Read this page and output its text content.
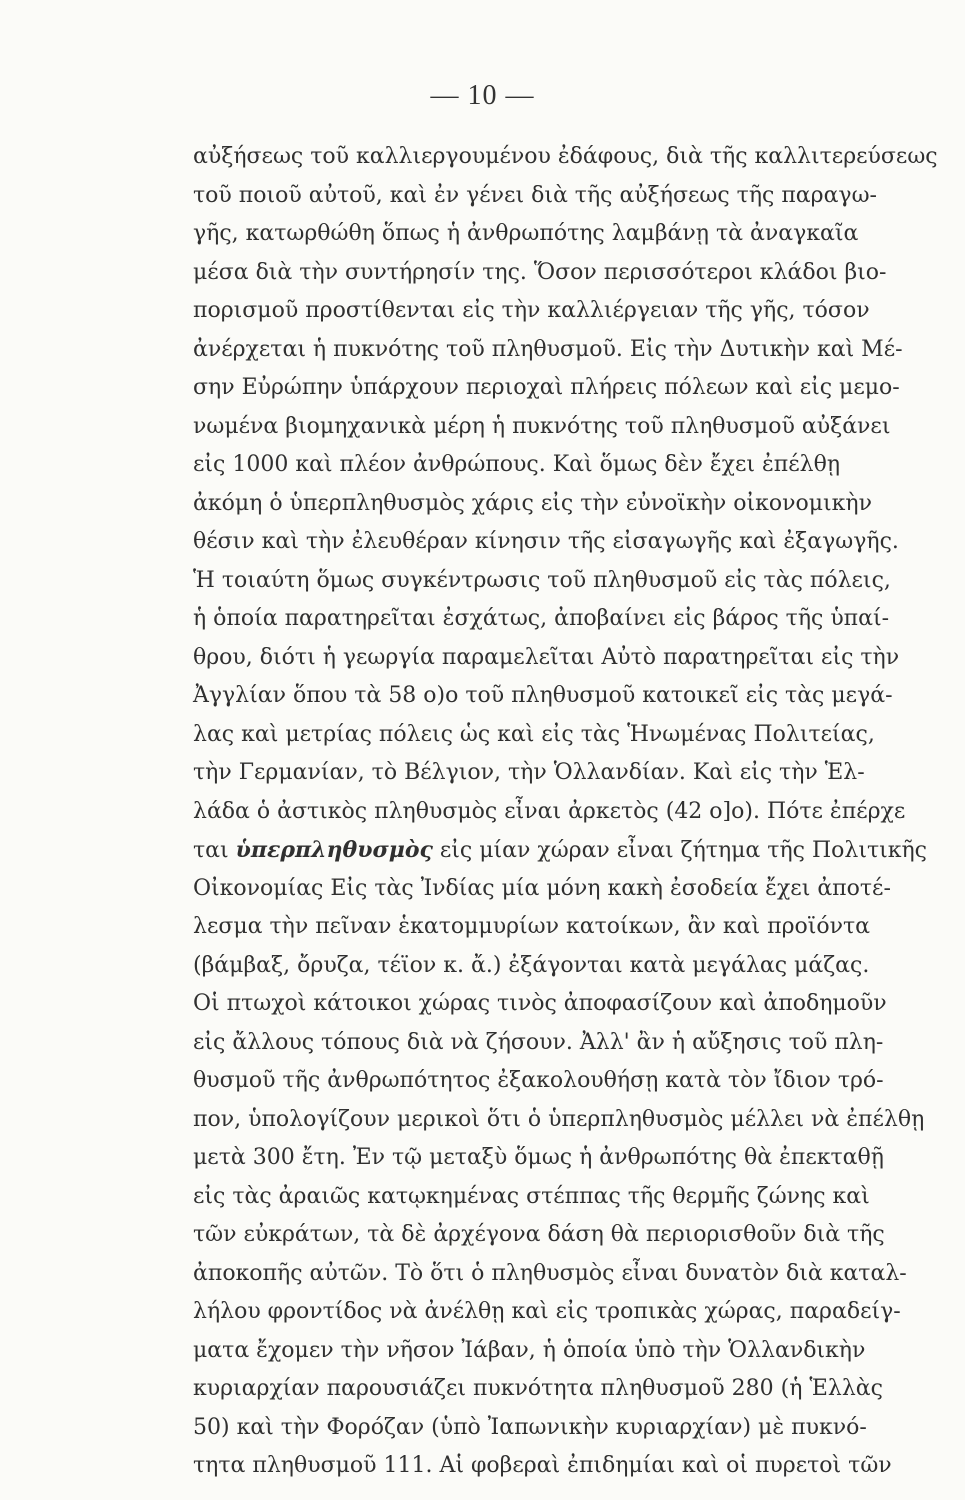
— 10 —
αὐξήσεως τοῦ καλλιεργουμένου ἐδάφους, διὰ τῆς καλλιτερεύσεως
τοῦ ποιοῦ αὐτοῦ, καὶ ἐν γένει διὰ τῆς αὐξήσεως τῆς παραγω-
γῆς, κατωρθώθη ὅπως ἡ ἀνθρωπότης λαμβάνῃ τὰ ἀναγκαῖα
μέσα διὰ τὴν συντήρησίν της. Ὅσον περισσότεροι κλάδοι βιο-
πορισμοῦ προστίθενται εἰς τὴν καλλιέργειαν τῆς γῆς, τόσον
ἀνέρχεται ἡ πυκνότης τοῦ πληθυσμοῦ. Εἰς τὴν Δυτικὴν καὶ Μέ-
σην Εὐρώπην ὑπάρχουν περιοχαὶ πλήρεις πόλεων καὶ εἰς μεμο-
νωμένα βιομηχανικὰ μέρη ἡ πυκνότης τοῦ πληθυσμοῦ αὐξάνει
εἰς 1000 καὶ πλέον ἀνθρώπους. Καὶ ὅμως δὲν ἔχει ἐπέλθῃ
ἀκόμη ὁ ὑπερπληθυσμὸς χάρις εἰς τὴν εὐνοϊκὴν οἰκονομικὴν
θέσιν καὶ τὴν ἐλευθέραν κίνησιν τῆς εἰσαγωγῆς καὶ ἐξαγωγῆς.
Ἡ τοιαύτη ὅμως συγκέντρωσις τοῦ πληθυσμοῦ εἰς τὰς πόλεις,
ἡ ὁποία παρατηρεῖται ἐσχάτως, ἀποβαίνει εἰς βάρος τῆς ὑπαί-
θρου, διότι ἡ γεωργία παραμελεῖται Αὐτὸ παρατηρεῖται εἰς τὴν
Ἀγγλίαν ὅπου τὰ 58 ο)ο τοῦ πληθυσμοῦ κατοικεῖ εἰς τὰς μεγά-
λας καὶ μετρίας πόλεις ὡς καὶ εἰς τὰς Ἡνωμένας Πολιτείας,
τὴν Γερμανίαν, τὸ Βέλγιον, τὴν Ὁλλανδίαν. Καὶ εἰς τὴν Ἑλ-
λάδα ὁ ἀστικὸς πληθυσμὸς εἶναι ἀρκετὸς (42 ο]ο). Πότε ἐπέρχε
ται ὑπερπληθυσμὸς εἰς μίαν χώραν εἶναι ζήτημα τῆς Πολιτικῆς
Οἰκονομίας Εἰς τὰς Ἰνδίας μία μόνη κακὴ ἐσοδεία ἔχει ἀποτέ-
λεσμα τὴν πεῖναν ἑκατομμυρίων κατοίκων, ἂν καὶ προϊόντα
(βάμβαξ, ὄρυζα, τέϊον κ. ἄ.) ἐξάγονται κατὰ μεγάλας μάζας.
Οἱ πτωχοὶ κάτοικοι χώρας τινὸς ἀποφασίζουν καὶ ἀποδημοῦν
εἰς ἄλλους τόπους διὰ νὰ ζήσουν. Ἀλλ' ἂν ἡ αὔξησις τοῦ πλη-
θυσμοῦ τῆς ἀνθρωπότητος ἐξακολουθήσῃ κατὰ τὸν ἴδιον τρό-
πον, ὑπολογίζουν μερικοὶ ὅτι ὁ ὑπερπληθυσμὸς μέλλει νὰ ἐπέλθῃ
μετὰ 300 ἔτη. Ἐν τῷ μεταξὺ ὅμως ἡ ἀνθρωπότης θὰ ἐπεκταθῇ
εἰς τὰς ἀραιῶς κατῳκημένας στέππας τῆς θερμῆς ζώνης καὶ
τῶν εὐκράτων, τὰ δὲ ἀρχέγονα δάση θὰ περιορισθοῦν διὰ τῆς
ἀποκοπῆς αὐτῶν. Τὸ ὅτι ὁ πληθυσμὸς εἶναι δυνατὸν διὰ καταλ-
λήλου φροντίδος νὰ ἀνέλθῃ καὶ εἰς τροπικὰς χώρας, παραδείγ-
ματα ἔχομεν τὴν νῆσον Ἰάβαν, ἡ ὁποία ὑπὸ τὴν Ὁλλανδικὴν
κυριαρχίαν παρουσιάζει πυκνότητα πληθυσμοῦ 280 (ἡ Ἑλλὰς
50) καὶ τὴν Φορόζαν (ὑπὸ Ἰαπωνικὴν κυριαρχίαν) μὲ πυκνό-
τητα πληθυσμοῦ 111. Αἱ φοβεραὶ ἐπιδημίαι καὶ οἱ πυρετοὶ τῶν
